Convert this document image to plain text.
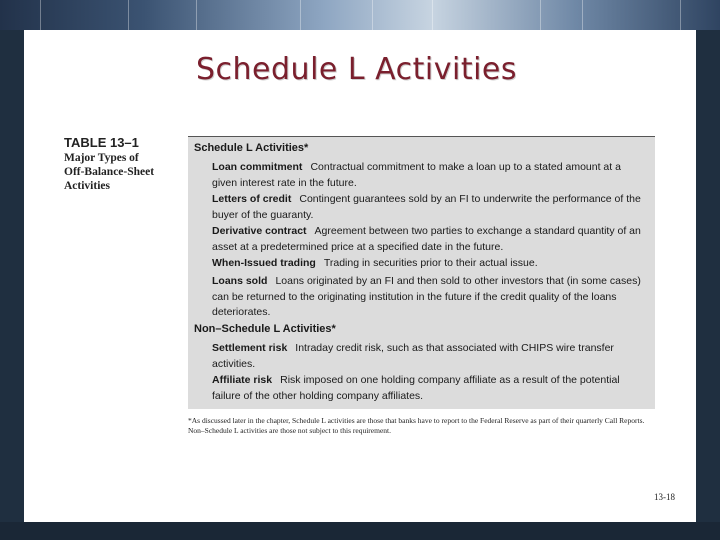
Schedule L Activities
TABLE 13–1
Major Types of
Off-Balance-Sheet
Activities
Schedule L Activities*
Loan commitment Contractual commitment to make a loan up to a stated amount at a given interest rate in the future.
Letters of credit Contingent guarantees sold by an FI to underwrite the performance of the buyer of the guaranty.
Derivative contract Agreement between two parties to exchange a standard quantity of an asset at a predetermined price at a specified date in the future.
When-Issued trading Trading in securities prior to their actual issue.
Loans sold Loans originated by an FI and then sold to other investors that (in some cases) can be returned to the originating institution in the future if the credit quality of the loans deteriorates.
Non–Schedule L Activities*
Settlement risk Intraday credit risk, such as that associated with CHIPS wire transfer activities.
Affiliate risk Risk imposed on one holding company affiliate as a result of the potential failure of the other holding company affiliates.
*As discussed later in the chapter, Schedule L activities are those that banks have to report to the Federal Reserve as part of their quarterly Call Reports. Non–Schedule L activities are those not subject to this requirement.
13-18
